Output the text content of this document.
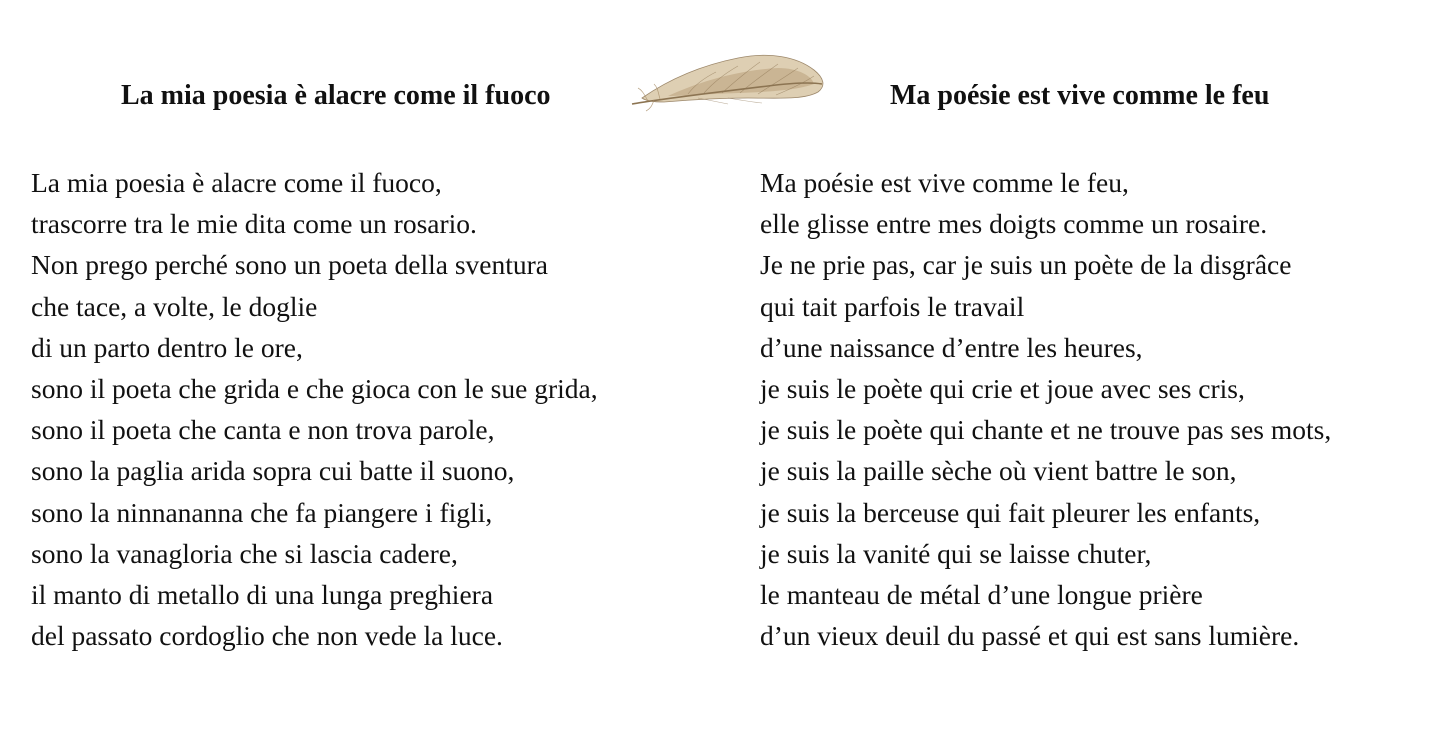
La mia poesia è alacre come il fuoco
La mia poesia è alacre come il fuoco,
trascorre tra le mie dita come un rosario.
Non prego perché sono un poeta della sventura
che tace, a volte, le doglie
di un parto dentro le ore,
sono il poeta che grida e che gioca con le sue grida,
sono il poeta che canta e non trova parole,
sono la paglia arida sopra cui batte il suono,
sono la ninnananna che fa piangere i figli,
sono la vanagloria che si lascia cadere,
il manto di metallo di una lunga preghiera
del passato cordoglio che non vede la luce.
Ma poésie est vive comme le feu
Ma poésie est vive comme le feu,
elle glisse entre mes doigts comme un rosaire.
Je ne prie pas, car je suis un poète de la disgrâce
qui tait parfois le travail
d’une naissance d’entre les heures,
je suis le poète qui crie et joue avec ses cris,
je suis le poète qui chante et ne trouve pas ses mots,
je suis la paille sèche où vient battre le son,
je suis la berceuse qui fait pleurer les enfants,
je suis la vanité qui se laisse chuter,
le manteau de métal d’une longue prière
d’un vieux deuil du passé et qui est sans lumière.
